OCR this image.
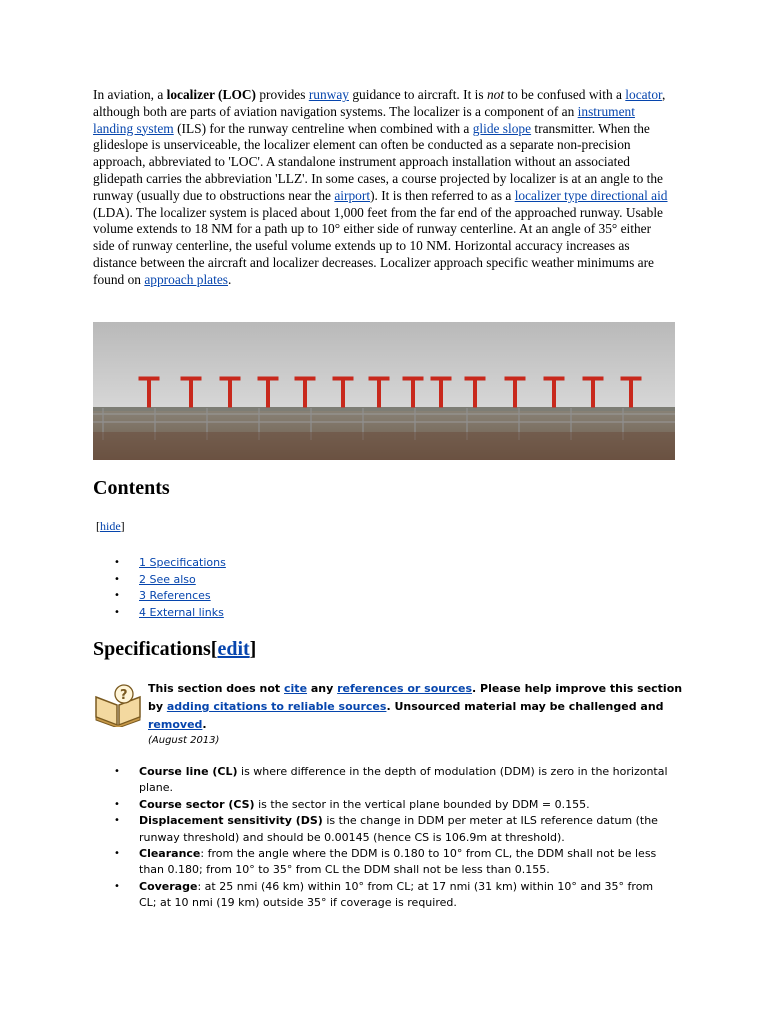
In aviation, a localizer (LOC) provides runway guidance to aircraft. It is not to be confused with a locator, although both are parts of aviation navigation systems. The localizer is a component of an instrument landing system (ILS) for the runway centreline when combined with a glide slope transmitter. When the glideslope is unserviceable, the localizer element can often be conducted as a separate non-precision approach, abbreviated to 'LOC'. A standalone instrument approach installation without an associated glidepath carries the abbreviation 'LLZ'. In some cases, a course projected by localizer is at an angle to the runway (usually due to obstructions near the airport). It is then referred to as a localizer type directional aid (LDA). The localizer system is placed about 1,000 feet from the far end of the approached runway. Usable volume extends to 18 NM for a path up to 10° either side of runway centerline. At an angle of 35° either side of runway centerline, the useful volume extends up to 10 NM. Horizontal accuracy increases as distance between the aircraft and localizer decreases. Localizer approach specific weather minimums are found on approach plates.

Contents
[hide]
• 1 Specifications
• 2 See also
• 3 References
• 4 External links
Specifications[edit]
? This section does not cite any references or sources. Please help improve this section by adding citations to reliable sources. Unsourced material may be challenged and removed.
(August 2013)
• Course line (CL) is where difference in the depth of modulation (DDM) is zero in the horizontal plane.
• Course sector (CS) is the sector in the vertical plane bounded by DDM = 0.155.
• Displacement sensitivity (DS) is the change in DDM per meter at ILS reference datum (the runway threshold) and should be 0.00145 (hence CS is 106.9m at threshold).
• Clearance: from the angle where the DDM is 0.180 to 10° from CL, the DDM shall not be less than 0.180; from 10° to 35° from CL the DDM shall not be less than 0.155.
• Coverage: at 25 nmi (46 km) within 10° from CL; at 17 nmi (31 km) within 10° and 35° from CL; at 10 nmi (19 km) outside 35° if coverage is required.
